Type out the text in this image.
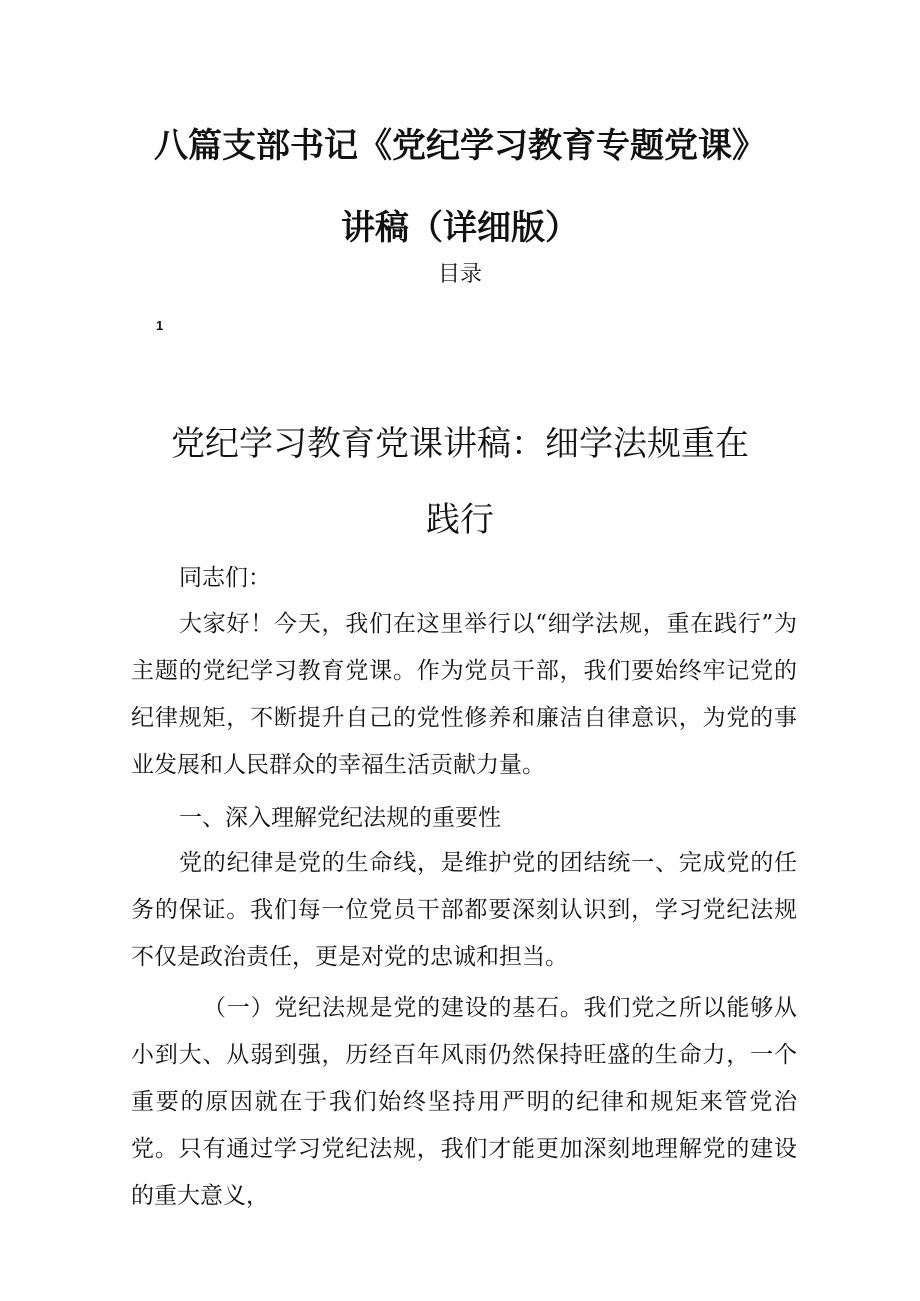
八篇支部书记《党纪学习教育专题党课》
讲稿（详细版）
目录
1
党纪学习教育党课讲稿：细学法规重在
践行

同志们：

大家好！今天，我们在这里举行以“细学法规，重在践行”为主题的党纪学习教育党课。作为党员干部，我们要始终牢记党的纪律规矩，不断提升自己的党性修养和廉洁自律意识，为党的事业发展和人民群众的幸福生活贡献力量。

一、深入理解党纪法规的重要性

党的纪律是党的生命线，是维护党的团结统一、完成党的任务的保证。我们每一位党员干部都要深刻认识到，学习党纪法规不仅是政治责任，更是对党的忠诚和担当。

（一）党纪法规是党的建设的基石。我们党之所以能够从小到大、从弱到强，历经百年风雨仍然保持旺盛的生命力，一个重要的原因就在于我们始终坚持用严明的纪律和规矩来管党治党。只有通过学习党纪法规，我们才能更加深刻地理解党的建设的重大意义，
